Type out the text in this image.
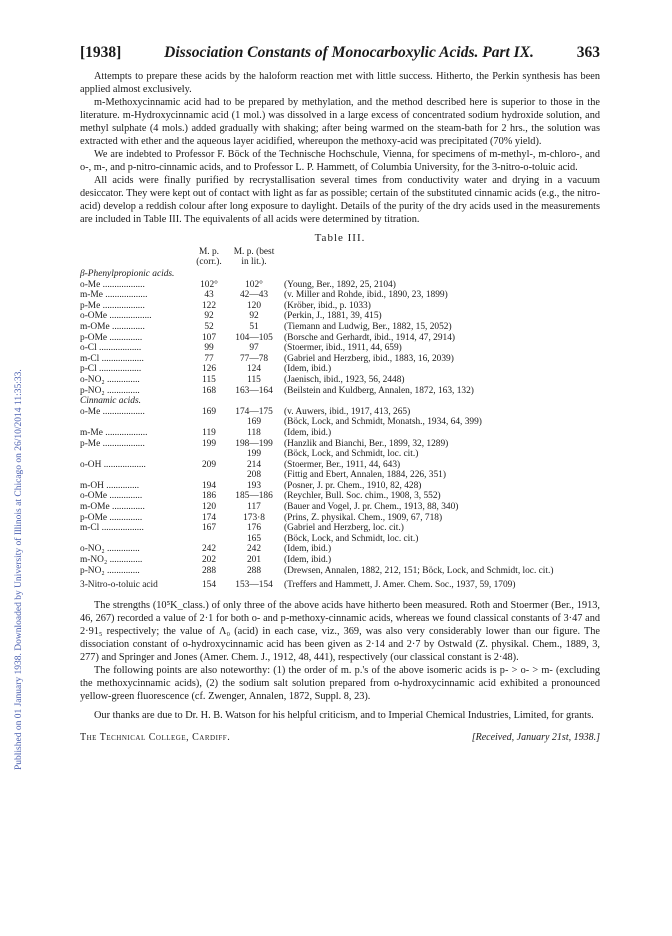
Published on 01 January 1938. Downloaded by University of Illinois at Chicago on 26/10/2014 11:35:33.
[1938]	Dissociation Constants of Monocarboxylic Acids. Part IX.	363

Attempts to prepare these acids by the haloform reaction met with little success. Hitherto, the Perkin synthesis has been applied almost exclusively.

m-Methoxycinnamic acid had to be prepared by methylation, and the method described here is superior to those in the literature. m-Hydroxycinnamic acid (1 mol.) was dissolved in a large excess of concentrated sodium hydroxide solution, and methyl sulphate (4 mols.) added gradually with shaking; after being warmed on the steam-bath for 2 hrs., the solution was extracted with ether and the aqueous layer acidified, whereupon the methoxy-acid was precipitated (70% yield).

We are indebted to Professor F. Böck of the Technische Hochschule, Vienna, for specimens of m-methyl-, m-chloro-, and o-, m-, and p-nitro-cinnamic acids, and to Professor L. P. Hammett, of Columbia University, for the 3-nitro-o-toluic acid.

All acids were finally purified by recrystallisation several times from conductivity water and drying in a vacuum desiccator. They were kept out of contact with light as far as possible; certain of the substituted cinnamic acids (e.g., the nitro-acid) develop a reddish colour after long exposure to daylight. Details of the purity of the dry acids used in the measurements are included in Table III. The equivalents of all acids were determined by titration.

Table III.
	M. p. (corr.).	M. p. (best in lit.).	
β-Phenylpropionic acids.			
o-Me ..................	102°	102°	(Young, Ber., 1892, 25, 2104)
m-Me ..................	43	42—43	(v. Miller and Rohde, ibid., 1890, 23, 1899)
p-Me ..................	122	120	(Kröber, ibid., p. 1033)
o-OMe ..................	92	92	(Perkin, J., 1881, 39, 415)
m-OMe ..............	52	51	(Tiemann and Ludwig, Ber., 1882, 15, 2052)
p-OMe ..............	107	104—105	(Borsche and Gerhardt, ibid., 1914, 47, 2914)
o-Cl ..................	99	97	(Stoermer, ibid., 1911, 44, 659)
m-Cl ..................	77	77—78	(Gabriel and Herzberg, ibid., 1883, 16, 2039)
p-Cl ..................	126	124	(Idem, ibid.)
o-NO₂ ..............	115	115	(Jaenisch, ibid., 1923, 56, 2448)
p-NO₂ ..............	168	163—164	(Beilstein and Kuldberg, Annalen, 1872, 163, 132)
Cinnamic acids.			
o-Me ..................	169	174—175	(v. Auwers, ibid., 1917, 413, 265)
		169	(Böck, Lock, and Schmidt, Monatsh., 1934, 64, 399)
m-Me ..................	119	118	(Idem, ibid.)
p-Me ..................	199	198—199	(Hanzlik and Bianchi, Ber., 1899, 32, 1289)
		199	(Böck, Lock, and Schmidt, loc. cit.)
o-OH ..................	209	214	(Stoermer, Ber., 1911, 44, 643)
		208	(Fittig and Ebert, Annalen, 1884, 226, 351)
m-OH ..............	194	193	(Posner, J. pr. Chem., 1910, 82, 428)
o-OMe ..............	186	185—186	(Reychler, Bull. Soc. chim., 1908, 3, 552)
m-OMe ..............	120	117	(Bauer and Vogel, J. pr. Chem., 1913, 88, 340)
p-OMe ..............	174	173·8	(Prins, Z. physikal. Chem., 1909, 67, 718)
m-Cl ..................	167	176	(Gabriel and Herzberg, loc. cit.)
		165	(Böck, Lock, and Schmidt, loc. cit.)
o-NO₂ ..............	242	242	(Idem, ibid.)
m-NO₂ ..............	202	201	(Idem, ibid.)
p-NO₂ ..............	288	288	(Drewsen, Annalen, 1882, 212, 151; Böck, Lock, and Schmidt, loc. cit.)

3-Nitro-o-toluic acid	154	153—154	(Treffers and Hammett, J. Amer. Chem. Soc., 1937, 59, 1709)

The strengths (10⁵K_class.) of only three of the above acids have hitherto been measured. Roth and Stoermer (Ber., 1913, 46, 267) recorded a value of 2·1 for both o- and p-methoxy-cinnamic acids, whereas we found classical constants of 3·47 and 2·91₅ respectively; the value of Λ₀ (acid) in each case, viz., 369, was also very considerably lower than our figure. The dissociation constant of o-hydroxycinnamic acid has been given as 2·14 and 2·7 by Ostwald (Z. physikal. Chem., 1889, 3, 277) and Springer and Jones (Amer. Chem. J., 1912, 48, 441), respectively (our classical constant is 2·48).

The following points are also noteworthy: (1) the order of m. p.'s of the above isomeric acids is p- > o- > m- (excluding the methoxycinnamic acids), (2) the sodium salt solution prepared from o-hydroxycinnamic acid exhibited a pronounced yellow-green fluorescence (cf. Zwenger, Annalen, 1872, Suppl. 8, 23).

Our thanks are due to Dr. H. B. Watson for his helpful criticism, and to Imperial Chemical Industries, Limited, for grants.

The Technical College, Cardiff.	[Received, January 21st, 1938.]
